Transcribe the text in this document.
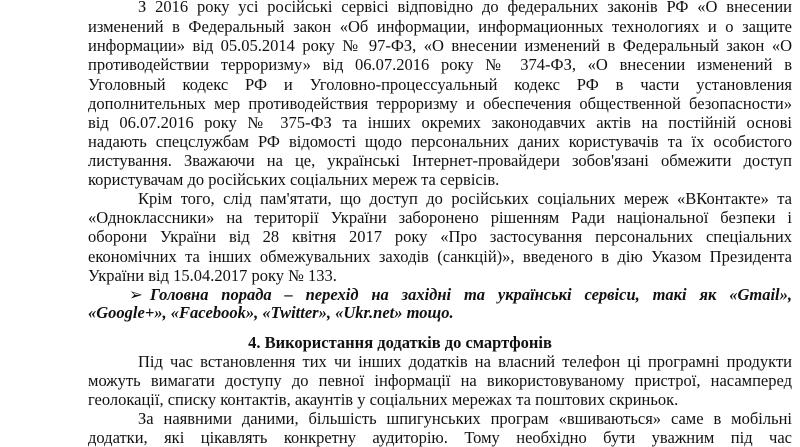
З 2016 року усі російські сервісі відповідно до федеральних законів РФ «О внесении
изменений в Федеральный закон «Об информации, информационных технологиях и о защите
информации» від 05.05.2014 року № 97-ФЗ, «О внесении изменений в Федеральный закон «О
противодействии терроризму» від 06.07.2016 року № 374-ФЗ, «О внесении изменений в
Уголовный кодекс РФ и Уголовно-процессуальный кодекс РФ в части установления
дополнительных мер противодействия терроризму и обеспечения общественной безопасности»
від 06.07.2016 року № 375-ФЗ та інших окремих законодавчих актів на постійній основі
надають спецслужбам РФ відомості щодо персональних даних користувачів та їх особистого
листування. Зважаючи на це, українські Інтернет-провайдери зобов'язані обмежити доступ
користувачам до російських соціальних мереж та сервісів.
Крім того, слід пам'ятати, що доступ до російських соціальних мереж «ВКонтакте» та
«Одноклассники» на території України заборонено рішенням Ради національної безпеки і
оборони України від 28 квітня 2017 року «Про застосування персональних спеціальних
економічних та інших обмежувальних заходів (санкцій)», введеного в дію Указом Президента
України від 15.04.2017 року № 133.
➢ Головна порада – перехід на західні та українські сервіси, такі як «Gmail»,
«Google+», «Facebook», «Twitter», «Ukr.net» тощо.
4. Використання додатків до смартфонів
Під час встановлення тих чи інших додатків на власний телефон ці програмні продукти
можуть вимагати доступу до певної інформації на використовуваному пристрої, насамперед
геолокації, списку контактів, акаунтів у соціальних мережах та поштових скриньок.
За наявними даними, більшість шпигунських програм «вшиваються» саме в мобільні
додатки, які цікавлять конкретну аудиторію. Тому необхідно бути уважним під час
